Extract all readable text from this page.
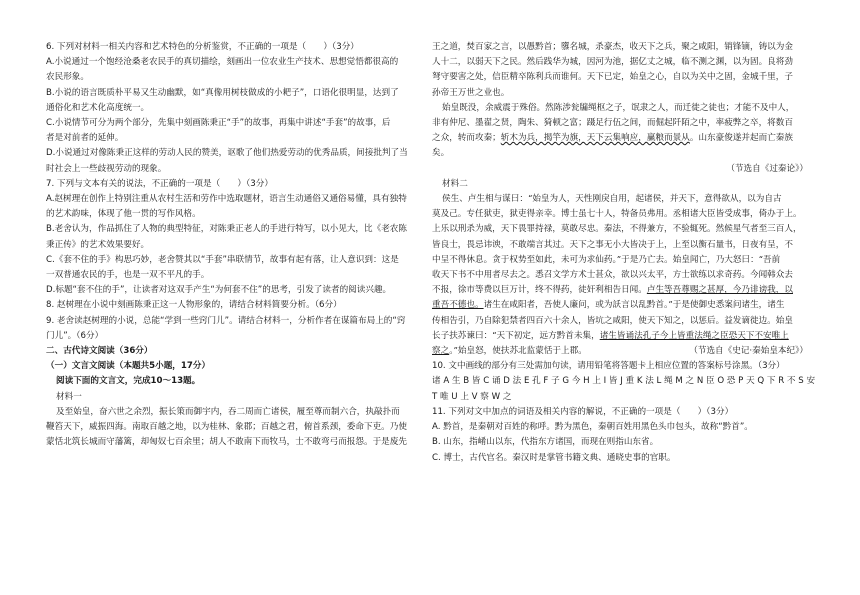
6. 下列对材料一相关内容和艺术特色的分析鉴赏，不正确的一项是（　　）（3分）

A.小说通过一个饱经沧桑老农民手的真切描绘，刻画出一位农业生产技术、思想觉悟都很高的

农民形象。

B.小说的语言既质朴平易又生动幽默，如“真像用树枝做成的小耙子”，口语化很明显，达到了

通俗化和艺术化高度统一。

C.小说情节可分为两个部分，先集中刻画陈秉正“手”的故事，再集中讲述“手套”的故事，后

者是对前者的延伸。

D.小说通过对像陈秉正这样的劳动人民的赞美，讴歌了他们热爱劳动的优秀品质，间接批判了当

时社会上一些歧视劳动的现象。

7. 下列与文本有关的说法，不正确的一项是（　　）（3分）

A.赵树理在创作上特别注重从农村生活和劳作中选取题材，语言生动通俗又通俗易懂，具有独特

的艺术韵味，体现了他一贯的写作风格。

B.老舍认为，作品抓住了人物的典型特征，对陈秉正老人的手进行特写，以小见大，比《老农陈

秉正传》的艺术效果要好。

C.《套不住的手》构思巧妙，老舍赞其以“手套”串联情节，故事有起有落，让人意识到：这是

一双普通农民的手，也是一双不平凡的手。

D.标题“套不住的手”，让读者对这双手产生“为何套不住”的思考，引发了读者的阅读兴趣。

8. 赵树理在小说中刻画陈秉正这一人物形象的，请结合材料简要分析。（6分）

9. 老舍读赵树理的小说，总能“学到一些窍门儿”。请结合材料一，分析作者在谋篇布局上的“窍

门儿”。（6分）

二、古代诗文阅读（36分）

（一）文言文阅读（本题共5小题，17分）

阅读下面的文言文，完成10～13题。

材料一

及至始皇，奋六世之余烈，振长策而御宇内，吞二周而亡诸侯，履至尊而制六合，执敲扑而

鞭笞天下，威振四海。南取百越之地，以为桂林、象郡；百越之君，俯首系颈，委命下吏。乃使

蒙恬北筑长城而守藩篱，却匈奴七百余里；胡人不敢南下而牧马，士不敢弯弓而报怨。于是废先

王之道，焚百家之言，以愚黔首；隳名城，杀豪杰，收天下之兵，聚之咸阳，销锋镝，铸以为金

人十二，以弱天下之民。然后践华为城，因河为池，据亿丈之城，临不测之渊，以为固。良将劲

弩守要害之处，信臣精卒陈利兵而谁何。天下已定，始皇之心，自以为关中之固，金城千里，子

孙帝王万世之业也。

始皇既没，余威震于殊俗。然陈涉瓮牖绳枢之子，氓隶之人，而迁徙之徒也；才能不及中人，

非有仲尼、墨翟之贤，陶朱、猗顿之富；蹑足行伍之间，而倔起阡陌之中，率疲弊之卒，将数百

之众，转而攻秦；斩木为兵，揭竿为旗，天下云集响应，赢粮而景从。山东豪俊遂并起而亡秦族

矣。

（节选自《过秦论》）

材料二

侯生、卢生相与谋曰：“始皇为人，天性刚戾自用，起诸侯，并天下，意得欲从，以为自古

莫及己。专任狱吏，狱吏得亲幸。博士虽七十人，特备员弗用。丞相诸大臣皆受成事，倚办于上。

上乐以刑杀为威，天下畏罪持禄，莫敢尽忠。秦法，不得兼方，不验辄死。然候星气者至三百人，

皆良士，畏忌讳谀，不敢端言其过。天下之事无小大皆决于上，上至以衡石量书，日夜有呈，不

中呈不得休息。贪于权势至如此，未可为求仙药。”于是乃亡去。始皇闻亡，乃大怒曰：“吾前

收天下书不中用者尽去之。悉召文学方术士甚众，欲以兴太平，方士欲练以求奇药。今闻韩众去

不报，徐市等费以巨万计，终不得药，徒奸利相告日闻。卢生等吾尊赐之甚厚，今乃诽谤我，以

重吾不德也。诸生在咸阳者，吾使人廉问，或为訞言以乱黔首。”于是使御史悉案问诸生，诸生

传相告引，乃自除犯禁者四百六十余人，皆坑之咸阳，使天下知之，以惩后。益发谪徙边。始皇

长子扶苏谏曰：“天下初定，远方黔首未集，诸生皆诵法孔子今上皆重法绳之臣恐天下不安唯上

察之。”始皇怒，使扶苏北监蒙恬于上郡。	（节选自《史记·秦始皇本纪》）

10. 文中画线的部分有三处需加句读，请用铅笔将答题卡上相应位置的答案标号涂黑。（3分）

诸 A 生 B 皆 C 诵 D 法 E 孔 F 子 G 今 H 上 I 皆 J 重 K 法 L 绳 M 之 N 臣 O 恐 P 天 Q 下 R 不 S 安

T 唯 U 上 V 察 W 之

11. 下列对文中加点的词语及相关内容的解说，不正确的一项是（　　）（3分）

A. 黔首，是秦朝对百姓的称呼。黔为黑色，秦朝百姓用黑色头巾包头，故称“黔首”。

B. 山东，指崤山以东，代指东方诸国，而现在则指山东省。

C. 博士，古代官名。秦汉时是掌管书籍文典、通晓史事的官职。
